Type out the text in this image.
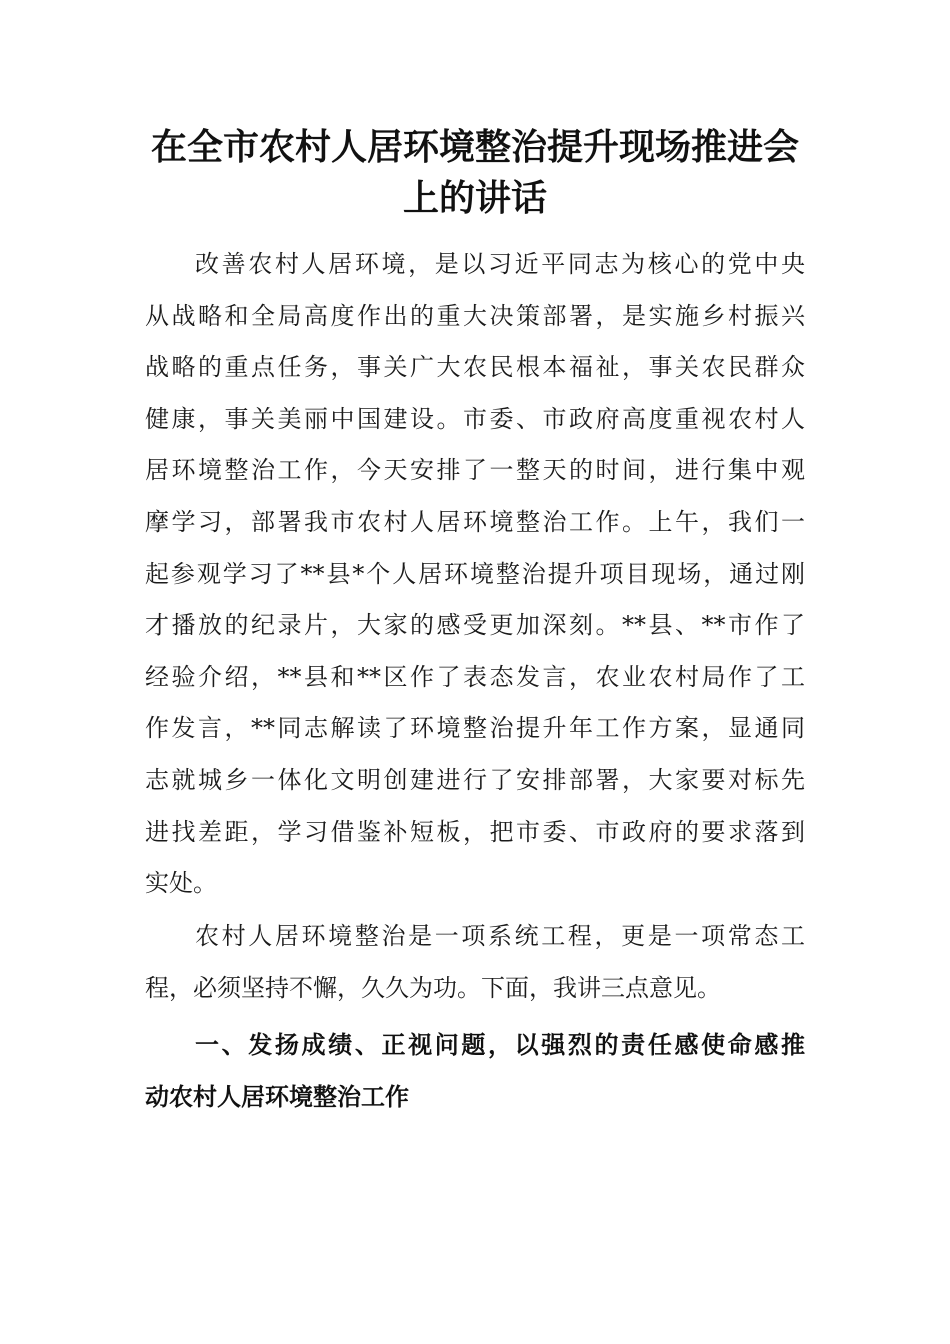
在全市农村人居环境整治提升现场推进会
上的讲话
改善农村人居环境，是以习近平同志为核心的党中央
从战略和全局高度作出的重大决策部署，是实施乡村振兴
战略的重点任务，事关广大农民根本福祉，事关农民群众
健康，事关美丽中国建设。市委、市政府高度重视农村人
居环境整治工作，今天安排了一整天的时间，进行集中观
摩学习，部署我市农村人居环境整治工作。上午，我们一
起参观学习了**县*个人居环境整治提升项目现场，通过刚
才播放的纪录片，大家的感受更加深刻。**县、**市作了
经验介绍，**县和**区作了表态发言，农业农村局作了工
作发言，**同志解读了环境整治提升年工作方案，显通同
志就城乡一体化文明创建进行了安排部署，大家要对标先
进找差距，学习借鉴补短板，把市委、市政府的要求落到
实处。
农村人居环境整治是一项系统工程，更是一项常态工
程，必须坚持不懈，久久为功。下面，我讲三点意见。
一、发扬成绩、正视问题，以强烈的责任感使命感推
动农村人居环境整治工作
